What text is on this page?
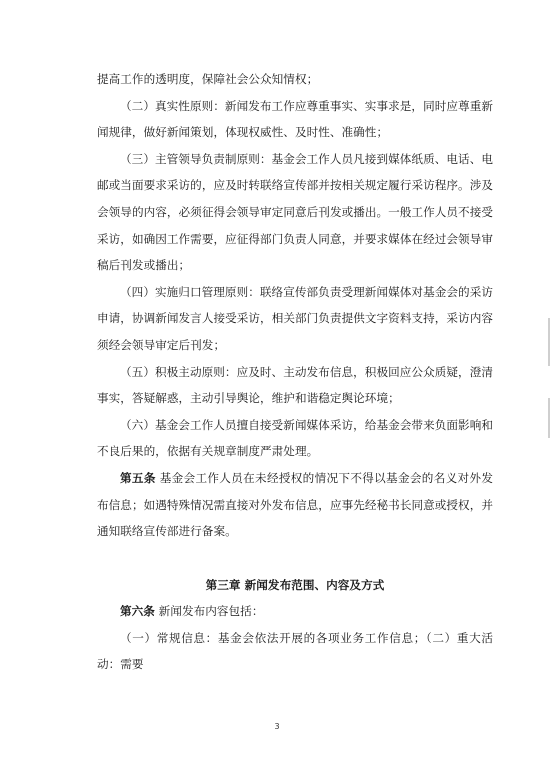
提高工作的透明度，保障社会公众知情权；

（二）真实性原则：新闻发布工作应尊重事实、实事求是，同时应尊重新闻规律，做好新闻策划，体现权威性、及时性、准确性；

（三）主管领导负责制原则：基金会工作人员凡接到媒体纸质、电话、电邮或当面要求采访的，应及时转联络宣传部并按相关规定履行采访程序。涉及会领导的内容，必须征得会领导审定同意后刊发或播出。一般工作人员不接受采访，如确因工作需要，应征得部门负责人同意，并要求媒体在经过会领导审稿后刊发或播出；

（四）实施归口管理原则：联络宣传部负责受理新闻媒体对基金会的采访申请，协调新闻发言人接受采访，相关部门负责提供文字资料支持，采访内容须经会领导审定后刊发；

（五）积极主动原则：应及时、主动发布信息，积极回应公众质疑，澄清事实，答疑解惑，主动引导舆论，维护和谐稳定舆论环境；

（六）基金会工作人员擅自接受新闻媒体采访，给基金会带来负面影响和不良后果的，依据有关规章制度严肃处理。

第五条 基金会工作人员在未经授权的情况下不得以基金会的名义对外发布信息；如遇特殊情况需直接对外发布信息，应事先经秘书长同意或授权，并通知联络宣传部进行备案。

第三章 新闻发布范围、内容及方式

第六条 新闻发布内容包括：

（一）常规信息：基金会依法开展的各项业务工作信息；（二）重大活动：需要

3
